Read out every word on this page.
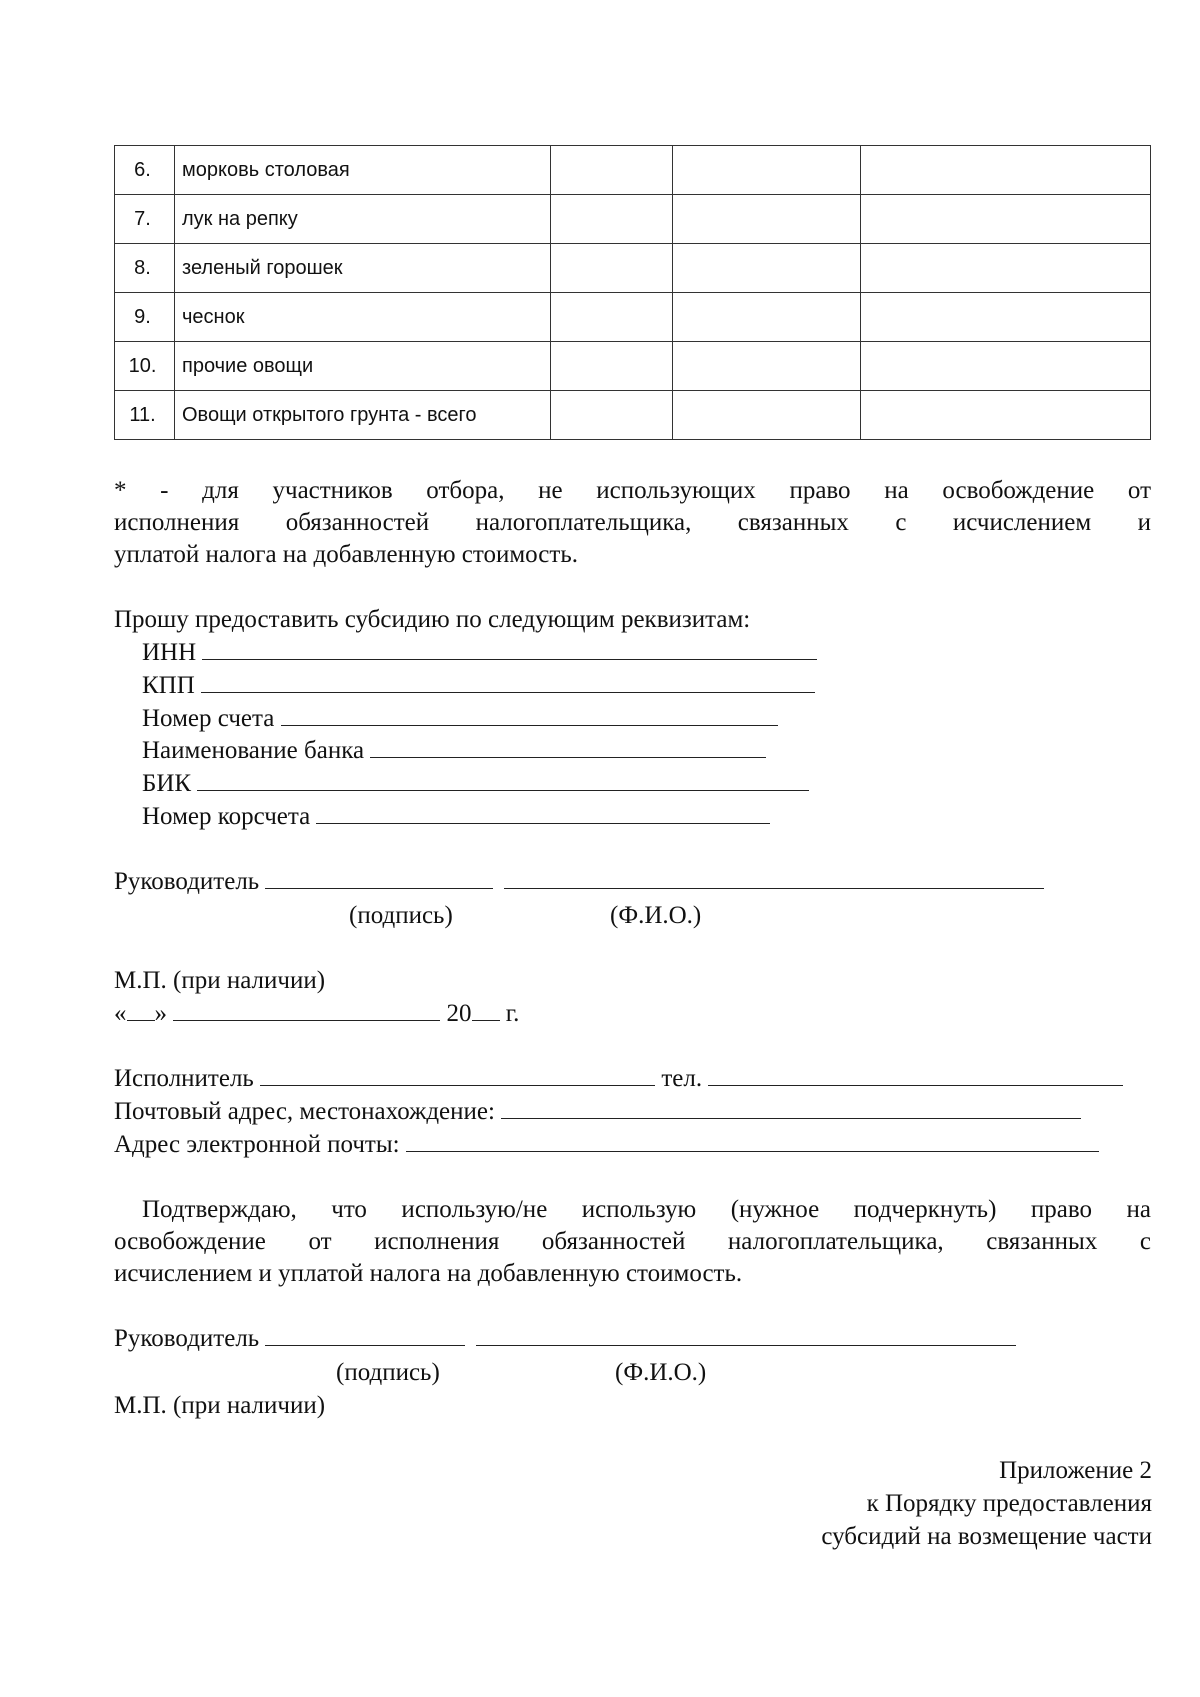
6.	морковь столовая			
7.	лук на репку			
8.	зеленый горошек			
9.	чеснок			
10.	прочие овощи			
11.	Овощи открытого грунта - всего			
* - для участников отбора, не использующих право на освобождение от
исполнения обязанностей налогоплательщика, связанных с исчислением и
уплатой налога на добавленную стоимость.
Прошу предоставить субсидию по следующим реквизитам:
ИНН
КПП
Номер счета
Наименование банка
БИК
Номер корсчета
Руководитель
(подпись)	(Ф.И.О.)
М.П. (при наличии)
« »	20 г.
Исполнитель	тел.
Почтовый адрес, местонахождение:
Адрес электронной почты:
Подтверждаю, что использую/не использую (нужное подчеркнуть) право на
освобождение от исполнения обязанностей налогоплательщика, связанных с
исчислением и уплатой налога на добавленную стоимость.
Руководитель
(подпись)	(Ф.И.О.)
М.П. (при наличии)
Приложение 2
к Порядку предоставления
субсидий на возмещение части
